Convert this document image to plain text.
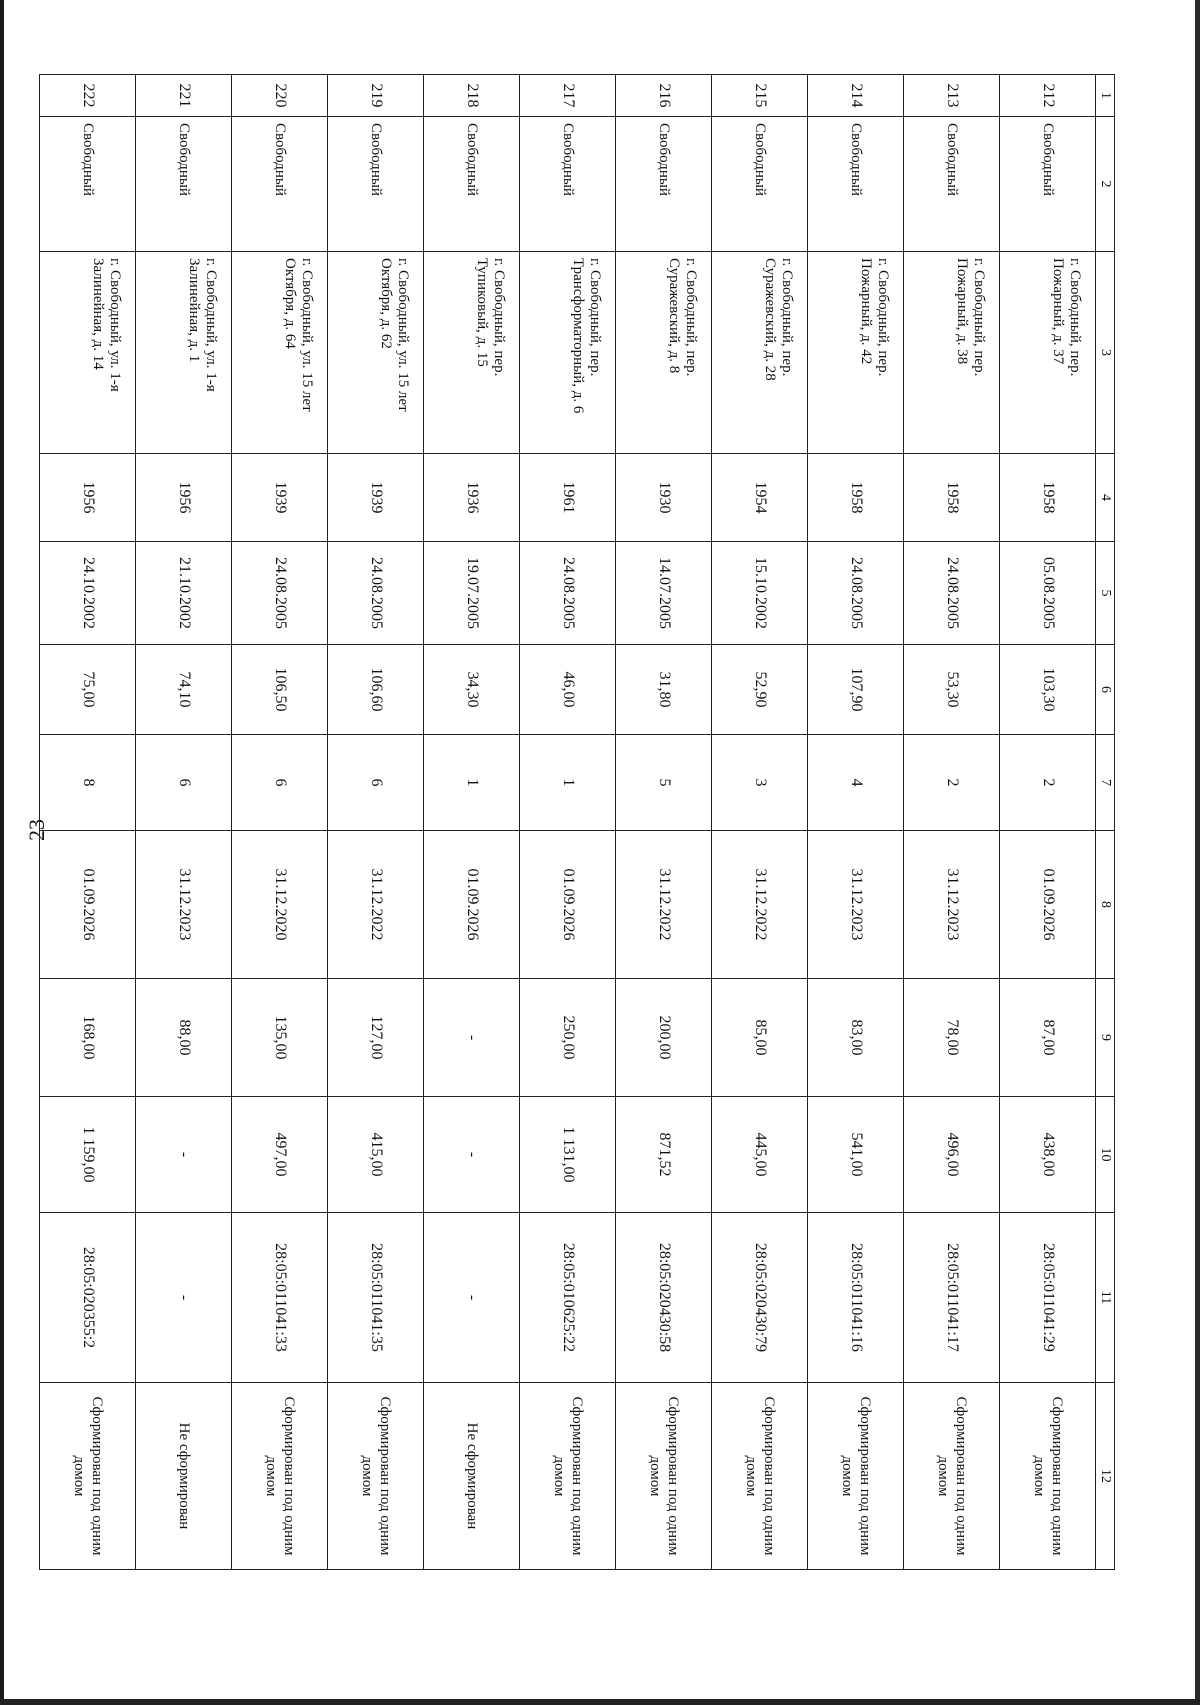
23
1	2	3	4	5	6	7	8	9	10	11	12
212	Свободный	г. Свободный, пер. Пожарный, д. 37	1958	05.08.2005	103,30	2	01.09.2026	87,00	438,00	28:05:011041:29	Сформирован под одним домом
213	Свободный	г. Свободный, пер. Пожарный, д. 38	1958	24.08.2005	53,30	2	31.12.2023	78,00	496,00	28:05:011041:17	Сформирован под одним домом
214	Свободный	г. Свободный, пер. Пожарный, д. 42	1958	24.08.2005	107,90	4	31.12.2023	83,00	541,00	28:05:011041:16	Сформирован под одним домом
215	Свободный	г. Свободный, пер. Суражевский, д. 28	1954	15.10.2002	52,90	3	31.12.2022	85,00	445,00	28:05:020430:79	Сформирован под одним домом
216	Свободный	г. Свободный, пер. Суражевский, д. 8	1930	14.07.2005	31,80	5	31.12.2022	200,00	871,52	28:05:020430:58	Сформирован под одним домом
217	Свободный	г. Свободный, пер. Трансформаторный, д. 6	1961	24.08.2005	46,00	1	01.09.2026	250,00	1 131,00	28:05:010625:22	Сформирован под одним домом
218	Свободный	г. Свободный, пер. Тупиковый, д. 15	1936	19.07.2005	34,30	1	01.09.2026	-	-	-	Не сформирован
219	Свободный	г. Свободный, ул. 15 лет Октября, д. 62	1939	24.08.2005	106,60	6	31.12.2022	127,00	415,00	28:05:011041:35	Сформирован под одним домом
220	Свободный	г. Свободный, ул. 15 лет Октября, д. 64	1939	24.08.2005	106,50	6	31.12.2020	135,00	497,00	28:05:011041:33	Сформирован под одним домом
221	Свободный	г. Свободный, ул. 1-я Залинейная, д. 1	1956	21.10.2002	74,10	6	31.12.2023	88,00	-	-	Не сформирован
222	Свободный	г. Свободный, ул. 1-я Залинейная, д. 14	1956	24.10.2002	75,00	8	01.09.2026	168,00	1 159,00	28:05:020355:2	Сформирован под одним домом
